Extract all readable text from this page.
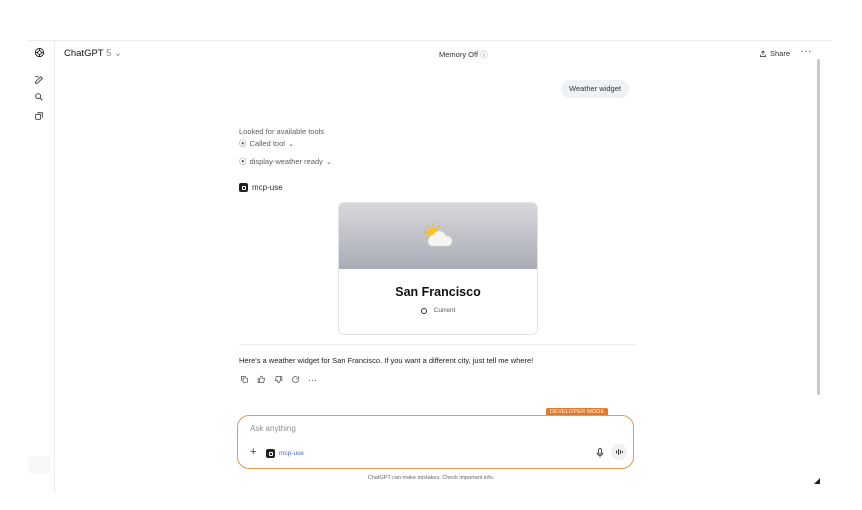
ChatGPT 5 ⌄	Memory Off ⓘ	Share ···
Weather widget
Looked for available tools
⦿ Called tool ⌄
⦿ display-weather ready ⌄
mcp-use
San Francisco
Current
Here's a weather widget for San Francisco. If you want a different city, just tell me where!
···
DEVELOPER MODE
Ask anything
+	mcp-use
ChatGPT can make mistakes. Check important info.
